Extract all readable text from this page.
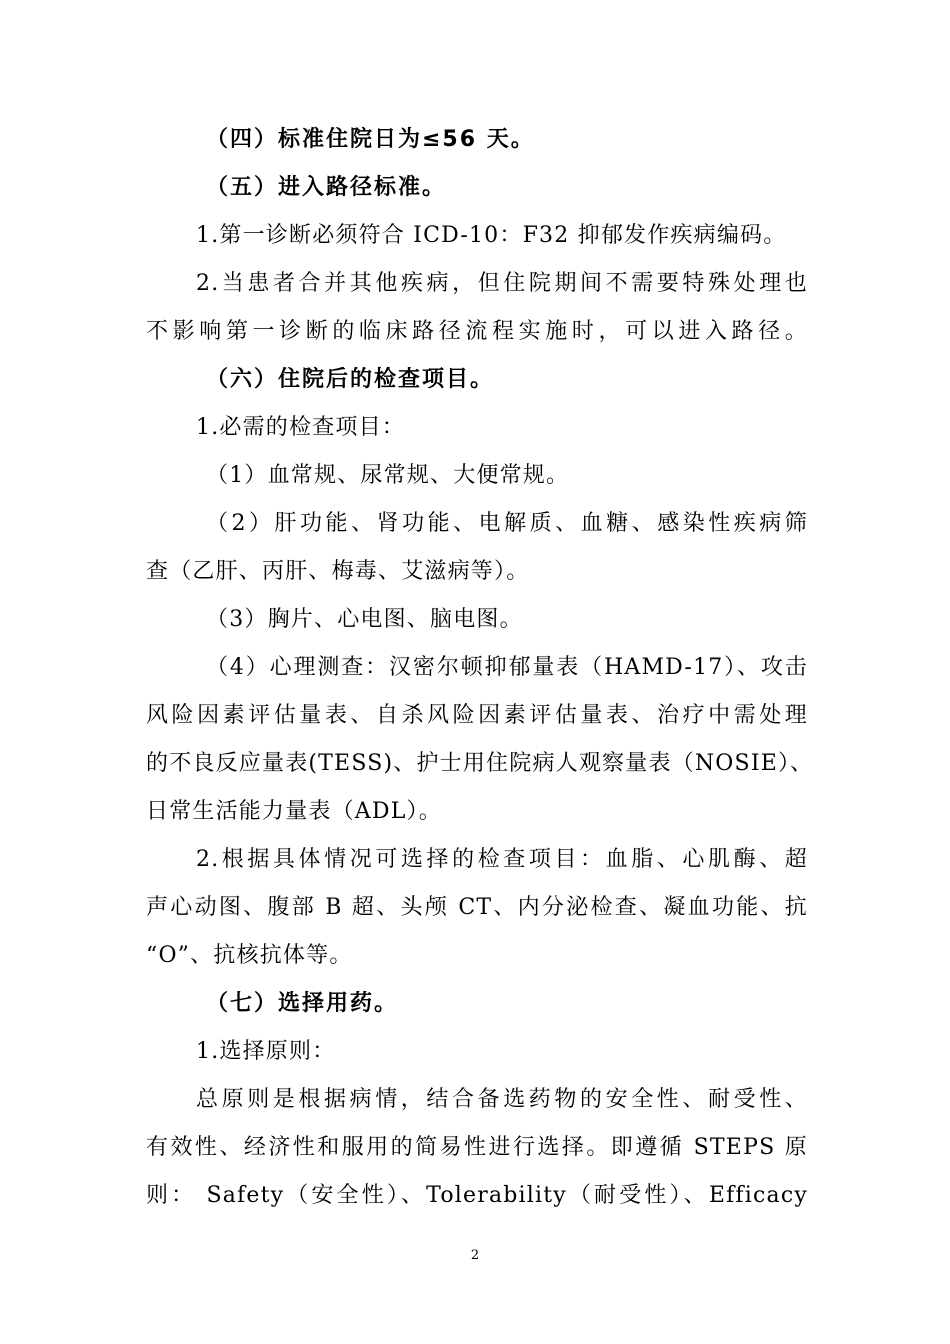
（四）标准住院日为≤56 天。
（五）进入路径标准。
1.第一诊断必须符合 ICD-10：F32 抑郁发作疾病编码。
2.当患者合并其他疾病，但住院期间不需要特殊处理也
不影响第一诊断的临床路径流程实施时，可以进入路径。
（六）住院后的检查项目。
1.必需的检查项目：
（1）血常规、尿常规、大便常规。
（2）肝功能、肾功能、电解质、血糖、感染性疾病筛
查（乙肝、丙肝、梅毒、艾滋病等）。
（3）胸片、心电图、脑电图。
（4）心理测查：汉密尔顿抑郁量表（HAMD-17）、攻击
风险因素评估量表、自杀风险因素评估量表、治疗中需处理
的不良反应量表(TESS)、护士用住院病人观察量表（NOSIE）、
日常生活能力量表（ADL）。
2.根据具体情况可选择的检查项目：血脂、心肌酶、超
声心动图、腹部 B 超、头颅 CT、内分泌检查、凝血功能、抗
“O”、抗核抗体等。
（七）选择用药。
1.选择原则：
总原则是根据病情，结合备选药物的安全性、耐受性、
有效性、经济性和服用的简易性进行选择。即遵循 STEPS 原
则： Safety（安全性）、Tolerability（耐受性）、Efficacy
2
